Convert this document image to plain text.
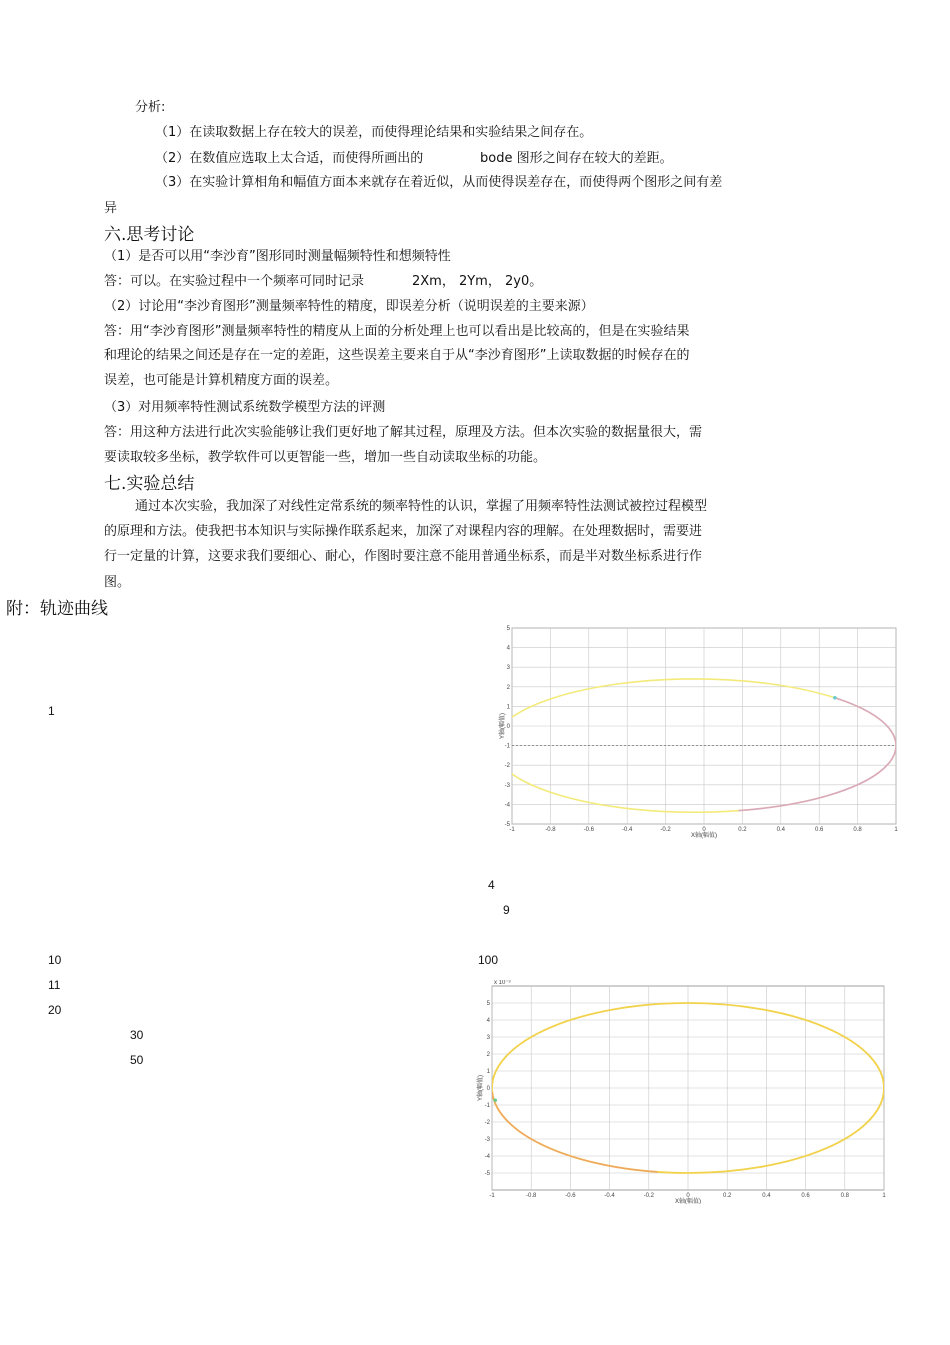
分析:
（1）在读取数据上存在较大的误差，而使得理论结果和实验结果之间存在。
（2）在数值应选取上太合适，而使得所画出的	bode 图形之间存在较大的差距。
（3）在实验计算相角和幅值方面本来就存在着近似，从而使得误差存在，而使得两个图形之间有差
异
六.思考讨论
（1）是否可以用“李沙育”图形同时测量幅频特性和想频特性
答：可以。在实验过程中一个频率可同时记录	2Xm， 2Ym， 2y0。
（2）讨论用“李沙育图形”测量频率特性的精度，即误差分析（说明误差的主要来源）
答：用“李沙育图形”测量频率特性的精度从上面的分析处理上也可以看出是比较高的，但是在实验结果
和理论的结果之间还是存在一定的差距，这些误差主要来自于从“李沙育图形”上读取数据的时候存在的
误差，也可能是计算机精度方面的误差。
（3）对用频率特性测试系统数学模型方法的评测
答：用这种方法进行此次实验能够让我们更好地了解其过程，原理及方法。但本次实验的数据量很大，需
要读取较多坐标，教学软件可以更智能一些，增加一些自动读取坐标的功能。
七.实验总结
通过本次实验，我加深了对线性定常系统的频率特性的认识，掌握了用频率特性法测试被控过程模型
的原理和方法。使我把书本知识与实际操作联系起来，加深了对课程内容的理解。在处理数据时，需要进
行一定量的计算，这要求我们要细心、耐心，作图时要注意不能用普通坐标系，而是半对数坐标系进行作
图。
附：轨迹曲线
1
4
9
10	100
11
20
30
50
-1	-0.8	-0.6	-0.4	-0.2	0	0.2	0.4	0.6	0.8	1
5
4
3
2
1
0
-1
-2
-3
-4
-5
X轴(幅值)
Y轴(幅值)
-1	-0.8	-0.6	-0.4	-0.2	0	0.2	0.4	0.6	0.8	1
5
4
3
2
1
0
-1
-2
-3
-4
-5
X轴(幅值)
Y轴(幅值)
x 10⁻³
